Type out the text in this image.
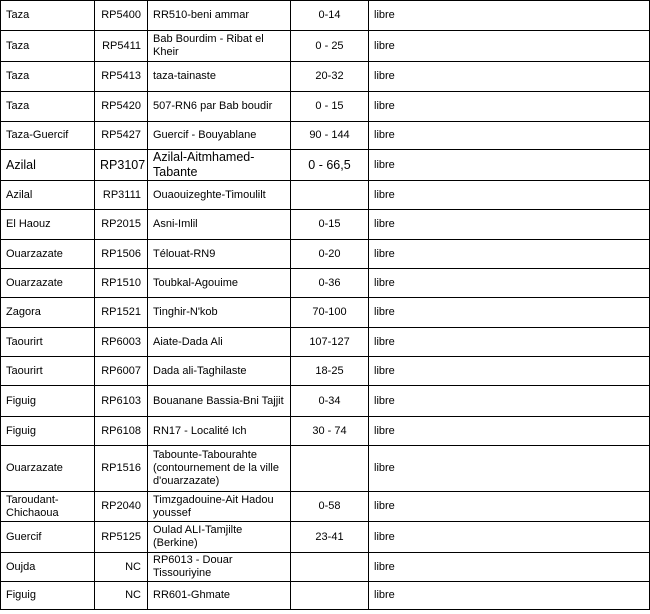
Taza	RP5400	RR510-beni ammar	0-14	libre
Taza	RP5411	Bab Bourdim - Ribat el Kheir	0 - 25	libre
Taza	RP5413	taza-tainaste	20-32	libre
Taza	RP5420	507-RN6 par Bab boudir	0 - 15	libre
Taza-Guercif	RP5427	Guercif - Bouyablane	90 - 144	libre
Azilal	RP3107	Azilal-Aitmhamed-Tabante	0 - 66,5	libre
Azilal	RP3111	Ouaouizeghte-Timoulilt		libre
El Haouz	RP2015	Asni-Imlil	0-15	libre
Ouarzazate	RP1506	Télouat-RN9	0-20	libre
Ouarzazate	RP1510	Toubkal-Agouime	0-36	libre
Zagora	RP1521	Tinghir-N'kob	70-100	libre
Taourirt	RP6003	Aiate-Dada Ali	107-127	libre
Taourirt	RP6007	Dada ali-Taghilaste	18-25	libre
Figuig	RP6103	Bouanane Bassia-Bni Tajjit	0-34	libre
Figuig	RP6108	RN17 - Localité Ich	30 - 74	libre
Ouarzazate	RP1516	Tabounte-Tabourahte (contournement de la ville d'ouarzazate)		libre
Taroudant-Chichaoua	RP2040	Timzgadouine-Ait Hadou youssef	0-58	libre
Guercif	RP5125	Oulad ALI-Tamjilte (Berkine)	23-41	libre
Oujda	NC	RP6013 - Douar Tissouriyine		libre
Figuig	NC	RR601-Ghmate		libre
